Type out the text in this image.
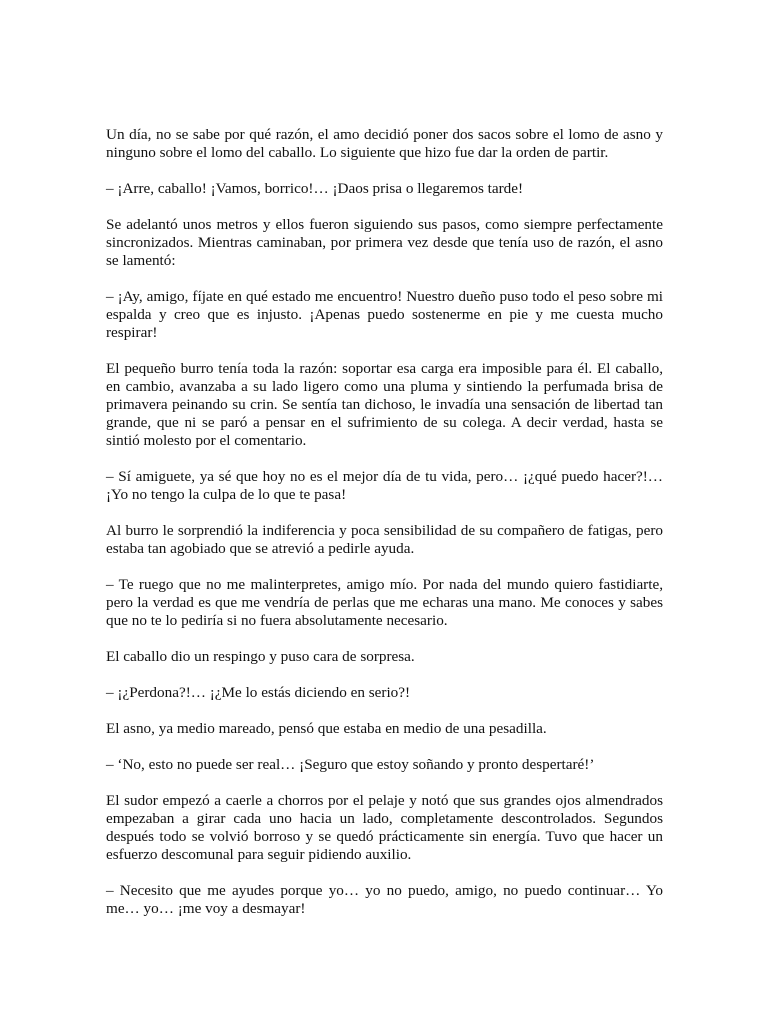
Un día, no se sabe por qué razón, el amo decidió poner dos sacos sobre el lomo de asno y ninguno sobre el lomo del caballo. Lo siguiente que hizo fue dar la orden de partir.

– ¡Arre, caballo! ¡Vamos, borrico!… ¡Daos prisa o llegaremos tarde!

Se adelantó unos metros y ellos fueron siguiendo sus pasos, como siempre perfectamente sincronizados. Mientras caminaban, por primera vez desde que tenía uso de razón, el asno se lamentó:

– ¡Ay, amigo, fíjate en qué estado me encuentro! Nuestro dueño puso todo el peso sobre mi espalda y creo que es injusto. ¡Apenas puedo sostenerme en pie y me cuesta mucho respirar!

El pequeño burro tenía toda la razón: soportar esa carga era imposible para él. El caballo, en cambio, avanzaba a su lado ligero como una pluma y sintiendo la perfumada brisa de primavera peinando su crin. Se sentía tan dichoso, le invadía una sensación de libertad tan grande, que ni se paró a pensar en el sufrimiento de su colega. A decir verdad, hasta se sintió molesto por el comentario.

– Sí amiguete, ya sé que hoy no es el mejor día de tu vida, pero… ¡¿qué puedo hacer?!… ¡Yo no tengo la culpa de lo que te pasa!

Al burro le sorprendió la indiferencia y poca sensibilidad de su compañero de fatigas, pero estaba tan agobiado que se atrevió a pedirle ayuda.

– Te ruego que no me malinterpretes, amigo mío. Por nada del mundo quiero fastidiarte, pero la verdad es que me vendría de perlas que me echaras una mano. Me conoces y sabes que no te lo pediría si no fuera absolutamente necesario.

El caballo dio un respingo y puso cara de sorpresa.

– ¡¿Perdona?!… ¡¿Me lo estás diciendo en serio?!

El asno, ya medio mareado, pensó que estaba en medio de una pesadilla.

– ‘No, esto no puede ser real… ¡Seguro que estoy soñando y pronto despertaré!’

El sudor empezó a caerle a chorros por el pelaje y notó que sus grandes ojos almendrados empezaban a girar cada uno hacia un lado, completamente descontrolados. Segundos después todo se volvió borroso y se quedó prácticamente sin energía. Tuvo que hacer un esfuerzo descomunal para seguir pidiendo auxilio.

– Necesito que me ayudes porque yo… yo no puedo, amigo, no puedo continuar… Yo me… yo… ¡me voy a desmayar!
